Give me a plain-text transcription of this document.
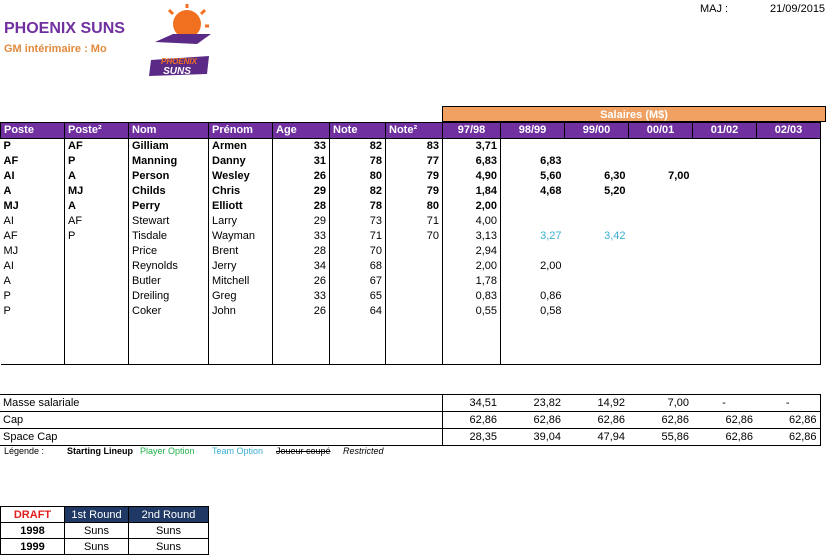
PHOENIX SUNS
GM intérimaire : Mo
MAJ :	21/09/2015
PHOENIX
SUNS
Salaires (M$)
Poste	Poste²	Nom	Prénom	Age	Note	Note²	97/98	98/99	99/00	00/01	01/02	02/03
P	AF	Gilliam	Armen	33	82	83	3,71					
AF	P	Manning	Danny	31	78	77	6,83	6,83				
AI	A	Person	Wesley	26	80	79	4,90	5,60	6,30	7,00		
A	MJ	Childs	Chris	29	82	79	1,84	4,68	5,20			
MJ	A	Perry	Elliott	28	78	80	2,00					
AI	AF	Stewart	Larry	29	73	71	4,00					
AF	P	Tisdale	Wayman	33	71	70	3,13	3,27	3,42			
MJ		Price	Brent	28	70		2,94					
AI		Reynolds	Jerry	34	68		2,00	2,00				
A		Butler	Mitchell	26	67		1,78					
P		Dreiling	Greg	33	65		0,83	0,86				
P		Coker	John	26	64		0,55	0,58				

Masse salariale	34,51	23,82	14,92	7,00	-	-
Cap	62,86	62,86	62,86	62,86	62,86	62,86
Space Cap	28,35	39,04	47,94	55,86	62,86	62,86
Légende :	Starting Lineup Player Option	Team Option	Joueur coupé	Restricted
DRAFT	1st Round	2nd Round
1998	Suns	Suns
1999	Suns	Suns
